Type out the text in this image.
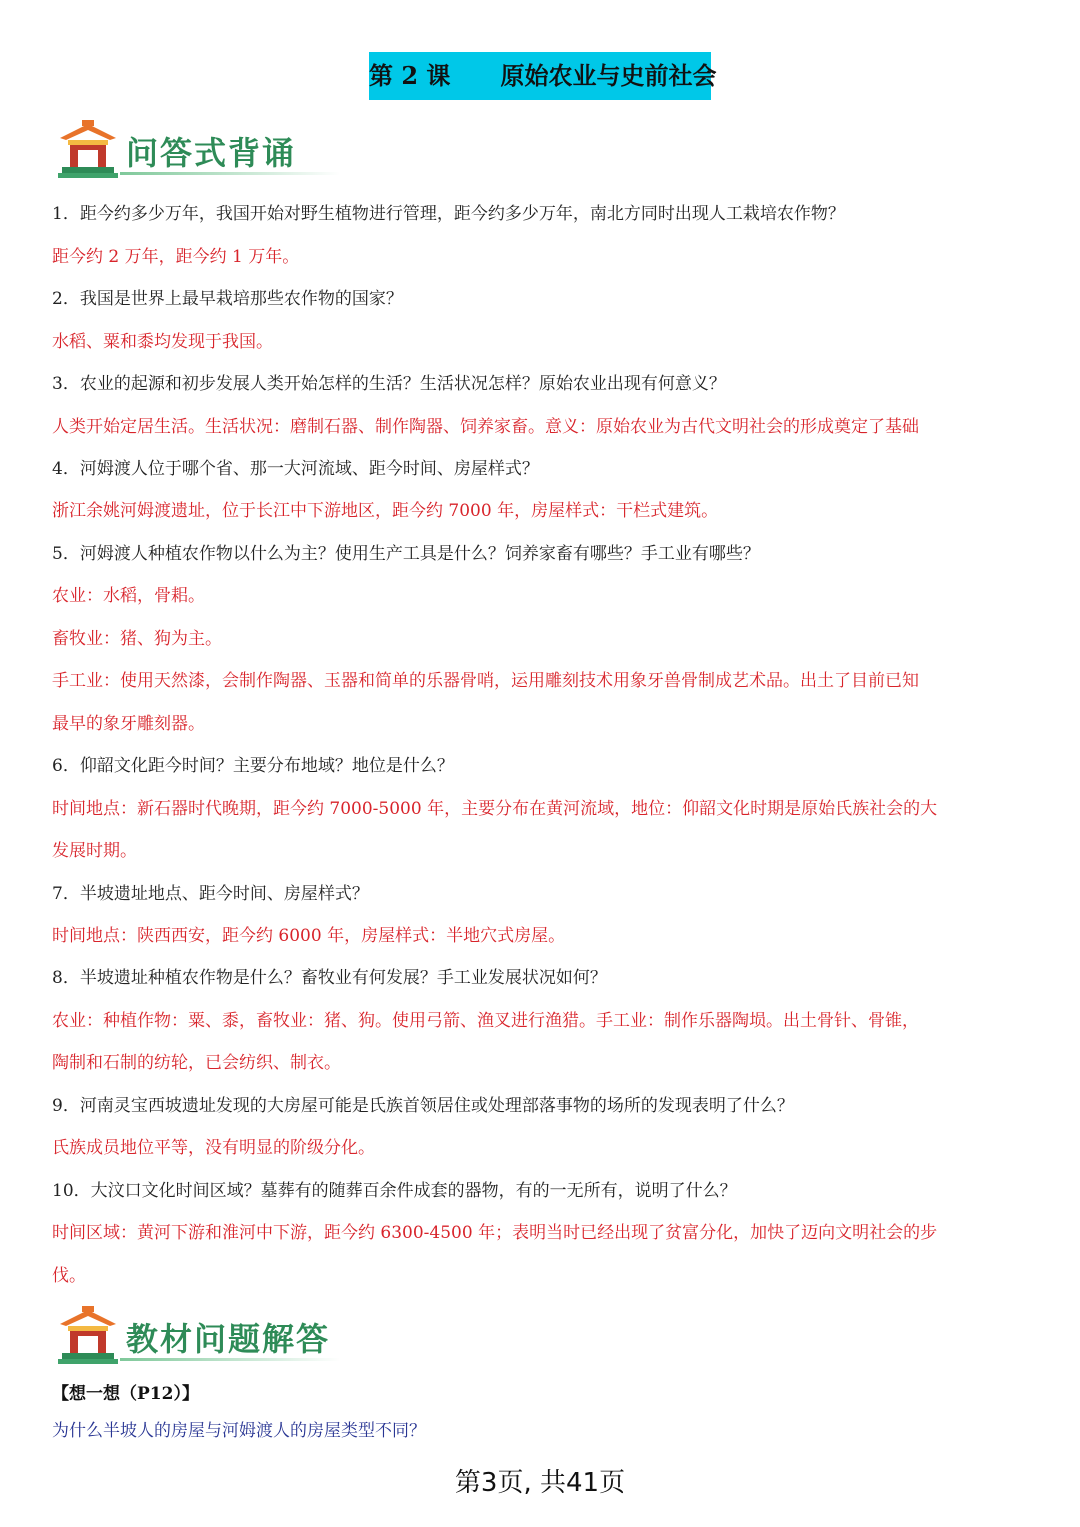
第 2 课      原始农业与史前社会
问答式背诵
1．距今约多少万年，我国开始对野生植物进行管理，距今约多少万年，南北方同时出现人工栽培农作物？
距今约 2 万年，距今约 1 万年。
2．我国是世界上最早栽培那些农作物的国家？
水稻、粟和黍均发现于我国。
3．农业的起源和初步发展人类开始怎样的生活？生活状况怎样？原始农业出现有何意义？
人类开始定居生活。生活状况：磨制石器、制作陶器、饲养家畜。意义：原始农业为古代文明社会的形成奠定了基础
4．河姆渡人位于哪个省、那一大河流域、距今时间、房屋样式？
浙江余姚河姆渡遗址，位于长江中下游地区，距今约 7000 年，房屋样式：干栏式建筑。
5．河姆渡人种植农作物以什么为主？使用生产工具是什么？饲养家畜有哪些？手工业有哪些？
农业：水稻，骨耜。
畜牧业：猪、狗为主。
手工业：使用天然漆，会制作陶器、玉器和简单的乐器骨哨，运用雕刻技术用象牙兽骨制成艺术品。出土了目前已知
最早的象牙雕刻器。
6．仰韶文化距今时间？主要分布地域？地位是什么？
时间地点：新石器时代晚期，距今约 7000-5000 年，主要分布在黄河流域，地位：仰韶文化时期是原始氏族社会的大
发展时期。
7．半坡遗址地点、距今时间、房屋样式？
时间地点：陕西西安，距今约 6000 年，房屋样式：半地穴式房屋。
8．半坡遗址种植农作物是什么？畜牧业有何发展？手工业发展状况如何？
农业：种植作物：粟、黍，畜牧业：猪、狗。使用弓箭、渔叉进行渔猎。手工业：制作乐器陶埙。出土骨针、骨锥，
陶制和石制的纺轮，已会纺织、制衣。
9．河南灵宝西坡遗址发现的大房屋可能是氏族首领居住或处理部落事物的场所的发现表明了什么？
氏族成员地位平等，没有明显的阶级分化。
10．大汶口文化时间区域？墓葬有的随葬百余件成套的器物，有的一无所有，说明了什么？
时间区域：黄河下游和淮河中下游，距今约 6300-4500 年；表明当时已经出现了贫富分化，加快了迈向文明社会的步
伐。
教材问题解答
【想一想（P12）】
为什么半坡人的房屋与河姆渡人的房屋类型不同？
第3页, 共41页
